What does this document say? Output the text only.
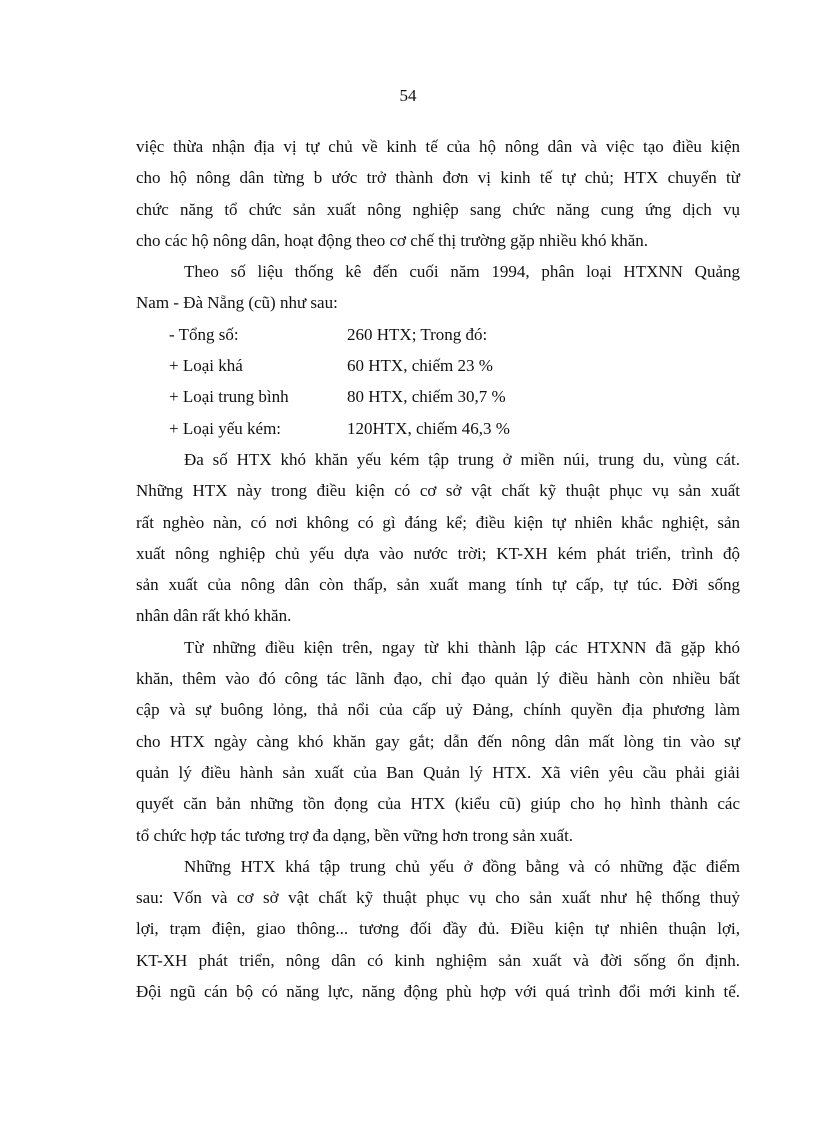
54
việc thừa nhận địa vị tự chủ về kinh tế của hộ nông dân và việc tạo điều kiện
cho hộ nông dân từng b ước trở thành đơn vị kinh tế tự chủ; HTX chuyển từ
chức năng tổ chức sản xuất nông nghiệp sang chức năng cung ứng dịch vụ
cho các hộ nông dân, hoạt động theo cơ chế thị trường gặp nhiều khó khăn.
Theo số liệu thống kê đến cuối năm 1994, phân loại HTXNN Quảng
Nam - Đà Nẵng (cũ) như sau:
- Tổng số:	260 HTX; Trong đó:
+ Loại khá	60 HTX, chiếm 23 %
+ Loại trung bình	80 HTX, chiếm 30,7 %
+ Loại yếu kém:	120HTX, chiếm 46,3 %
Đa số HTX khó khăn yếu kém tập trung ở miền núi, trung du, vùng cát.
Những HTX này trong điều kiện có cơ sở vật chất kỹ thuật phục vụ sản xuất
rất nghèo nàn, có nơi không có gì đáng kể; điều kiện tự nhiên khắc nghiệt, sản
xuất nông nghiệp chủ yếu dựa vào nước trời; KT-XH kém phát triển, trình độ
sản xuất của nông dân còn thấp, sản xuất mang tính tự cấp, tự túc. Đời sống
nhân dân rất khó khăn.
Từ những điều kiện trên, ngay từ khi thành lập các HTXNN đã gặp khó
khăn, thêm vào đó công tác lãnh đạo, chỉ đạo quản lý điều hành còn nhiều bất
cập và sự buông lỏng, thả nổi của cấp uỷ Đảng, chính quyền địa phương làm
cho HTX ngày càng khó khăn gay gắt; dẫn đến nông dân mất lòng tin vào sự
quản lý điều hành sản xuất của Ban Quản lý HTX. Xã viên yêu cầu phải giải
quyết căn bản những tồn đọng của HTX (kiểu cũ) giúp cho họ hình thành các
tổ chức hợp tác tương trợ đa dạng, bền vững hơn trong sản xuất.
Những HTX khá tập trung chủ yếu ở đồng bằng và có những đặc điểm
sau: Vốn và cơ sở vật chất kỹ thuật phục vụ cho sản xuất như hệ thống thuỷ
lợi, trạm điện, giao thông... tương đối đầy đủ. Điều kiện tự nhiên thuận lợi,
KT-XH phát triển, nông dân có kinh nghiệm sản xuất và đời sống ổn định.
Đội ngũ cán bộ có năng lực, năng động phù hợp với quá trình đổi mới kinh tế.
